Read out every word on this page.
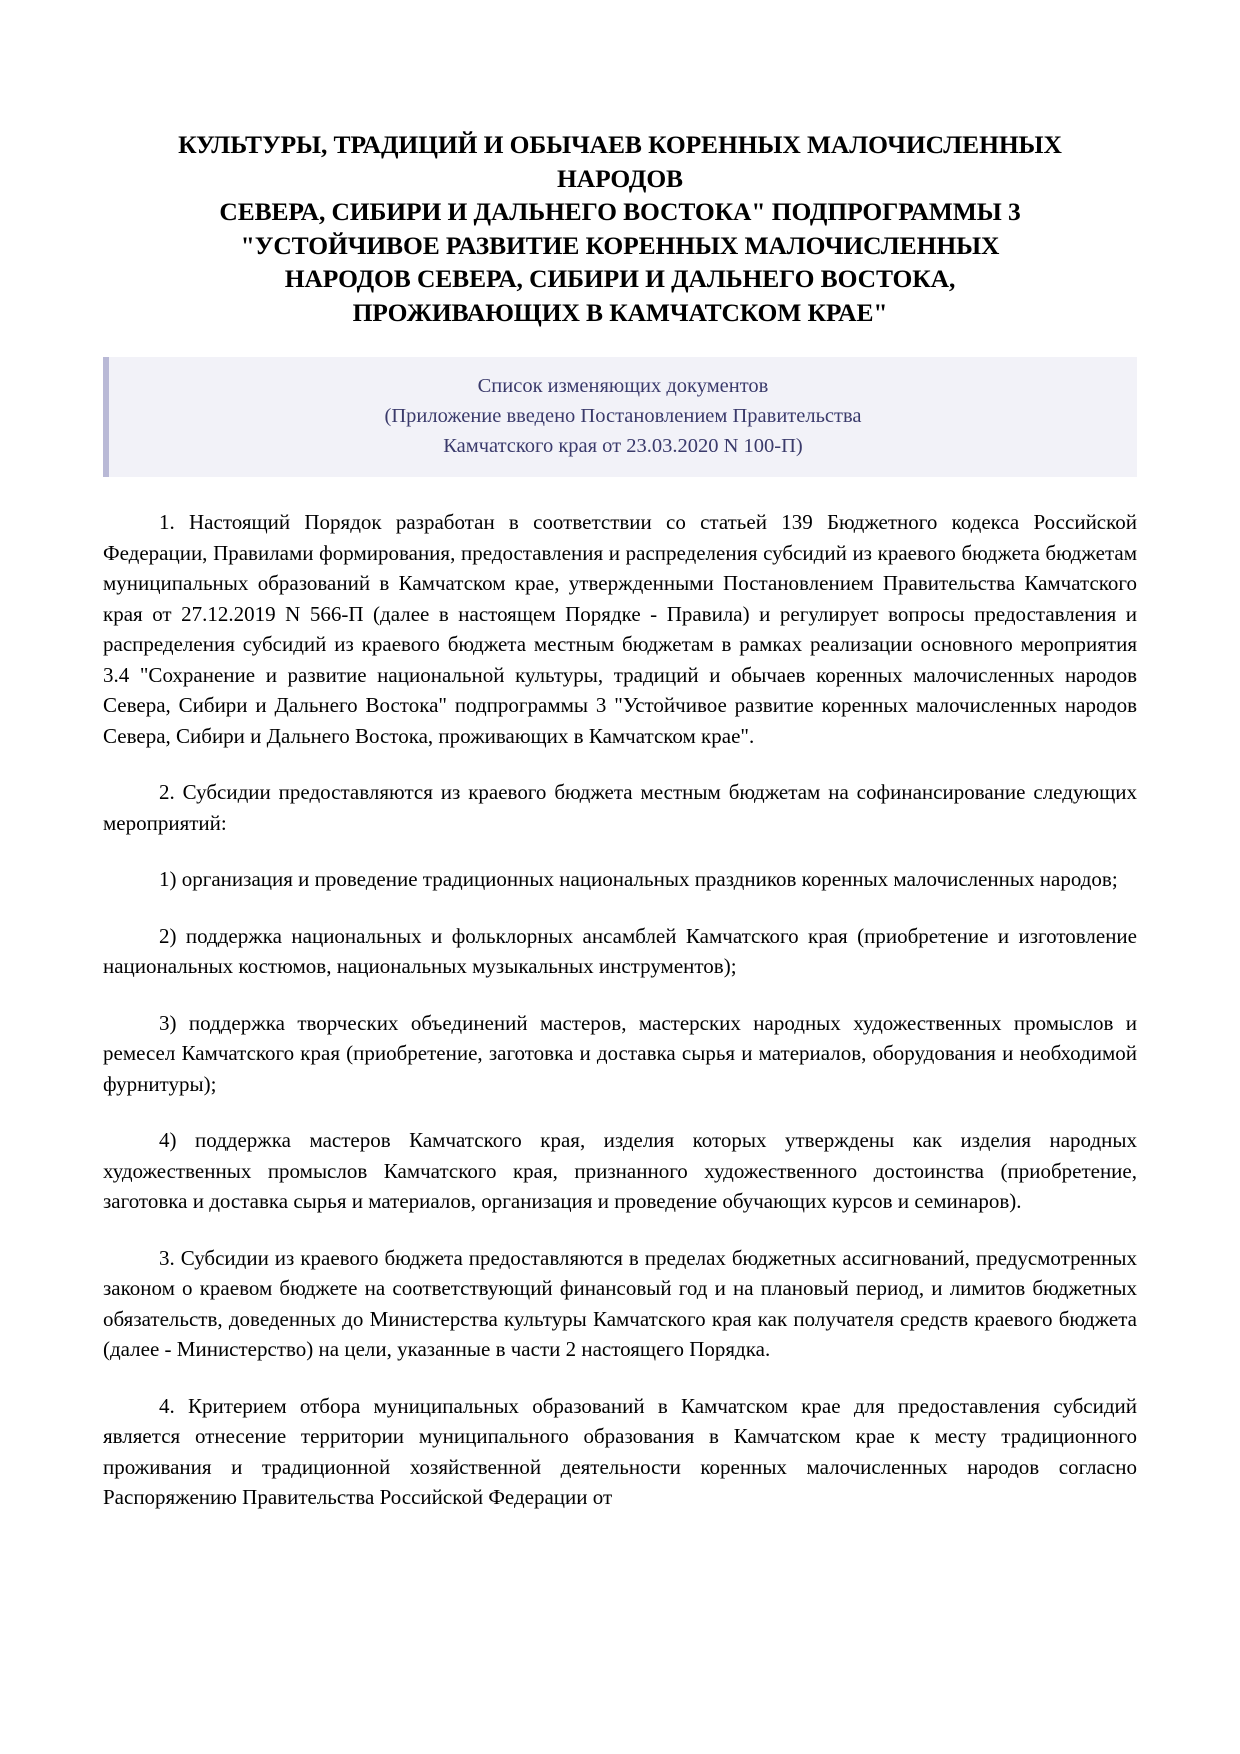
КУЛЬТУРЫ, ТРАДИЦИЙ И ОБЫЧАЕВ КОРЕННЫХ МАЛОЧИСЛЕННЫХ
НАРОДОВ
СЕВЕРА, СИБИРИ И ДАЛЬНЕГО ВОСТОКА" ПОДПРОГРАММЫ 3
"УСТОЙЧИВОЕ РАЗВИТИЕ КОРЕННЫХ МАЛОЧИСЛЕННЫХ
НАРОДОВ СЕВЕРА, СИБИРИ И ДАЛЬНЕГО ВОСТОКА,
ПРОЖИВАЮЩИХ В КАМЧАТСКОМ КРАЕ"

Список изменяющих документов

(Приложение введено Постановлением Правительства

Камчатского края от 23.03.2020 N 100-П)

1. Настоящий Порядок разработан в соответствии со статьей 139 Бюджетного кодекса Российской Федерации, Правилами формирования, предоставления и распределения субсидий из краевого бюджета бюджетам муниципальных образований в Камчатском крае, утвержденными Постановлением Правительства Камчатского края от 27.12.2019 N 566-П (далее в настоящем Порядке - Правила) и регулирует вопросы предоставления и распределения субсидий из краевого бюджета местным бюджетам в рамках реализации основного мероприятия 3.4 "Сохранение и развитие национальной культуры, традиций и обычаев коренных малочисленных народов Севера, Сибири и Дальнего Востока" подпрограммы 3 "Устойчивое развитие коренных малочисленных народов Севера, Сибири и Дальнего Востока, проживающих в Камчатском крае".

2. Субсидии предоставляются из краевого бюджета местным бюджетам на софинансирование следующих мероприятий:

1) организация и проведение традиционных национальных праздников коренных малочисленных народов;

2) поддержка национальных и фольклорных ансамблей Камчатского края (приобретение и изготовление национальных костюмов, национальных музыкальных инструментов);

3) поддержка творческих объединений мастеров, мастерских народных художественных промыслов и ремесел Камчатского края (приобретение, заготовка и доставка сырья и материалов, оборудования и необходимой фурнитуры);

4) поддержка мастеров Камчатского края, изделия которых утверждены как изделия народных художественных промыслов Камчатского края, признанного художественного достоинства (приобретение, заготовка и доставка сырья и материалов, организация и проведение обучающих курсов и семинаров).

3. Субсидии из краевого бюджета предоставляются в пределах бюджетных ассигнований, предусмотренных законом о краевом бюджете на соответствующий финансовый год и на плановый период, и лимитов бюджетных обязательств, доведенных до Министерства культуры Камчатского края как получателя средств краевого бюджета (далее - Министерство) на цели, указанные в части 2 настоящего Порядка.

4. Критерием отбора муниципальных образований в Камчатском крае для предоставления субсидий является отнесение территории муниципального образования в Камчатском крае к месту традиционного проживания и традиционной хозяйственной деятельности коренных малочисленных народов согласно Распоряжению Правительства Российской Федерации от
